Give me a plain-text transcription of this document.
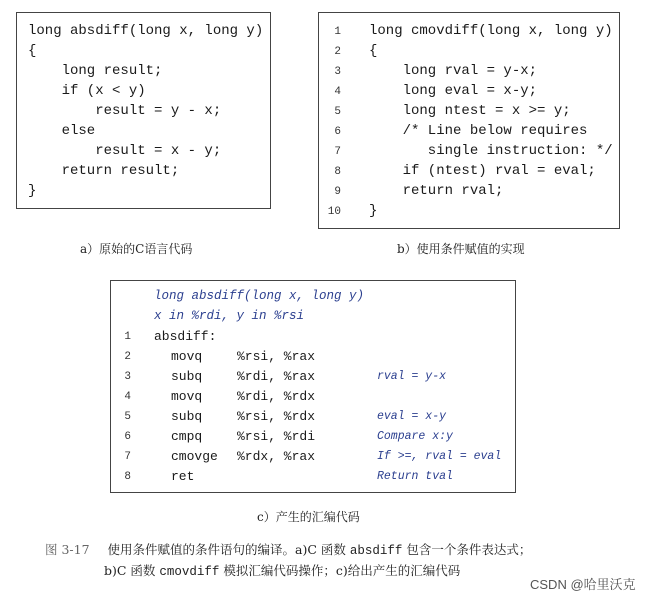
long absdiff(long x, long y)
{
long result;
if (x < y)
result = y - x;
else
result = x - y;
return result;
}
a）原始的C语言代码
1 long cmovdiff(long x, long y)
2 {
3 long rval = y-x;
4 long eval = x-y;
5 long ntest = x >= y;
6 /* Line below requires
7 single instruction: */
8 if (ntest) rval = eval;
9 return rval;
10 }
b）使用条件赋值的实现
long absdiff(long x, long y)
x in %rdi, y in %rsi
1 absdiff:
2	movq	%rsi, %rax
3	subq	%rdi, %rax	rval = y-x
4	movq	%rdi, %rdx
5	subq	%rsi, %rdx	eval = x-y
6	cmpq	%rsi, %rdi	Compare x:y
7	cmovge %rdx, %rax	If >=, rval = eval
8	ret	Return tval
c）产生的汇编代码
图 3-17 使用条件赋值的条件语句的编译。a)C 函数 absdiff 包含一个条件表达式；
b)C 函数 cmovdiff 模拟汇编代码操作；c)给出产生的汇编代码
CSDN @哈里沃克
